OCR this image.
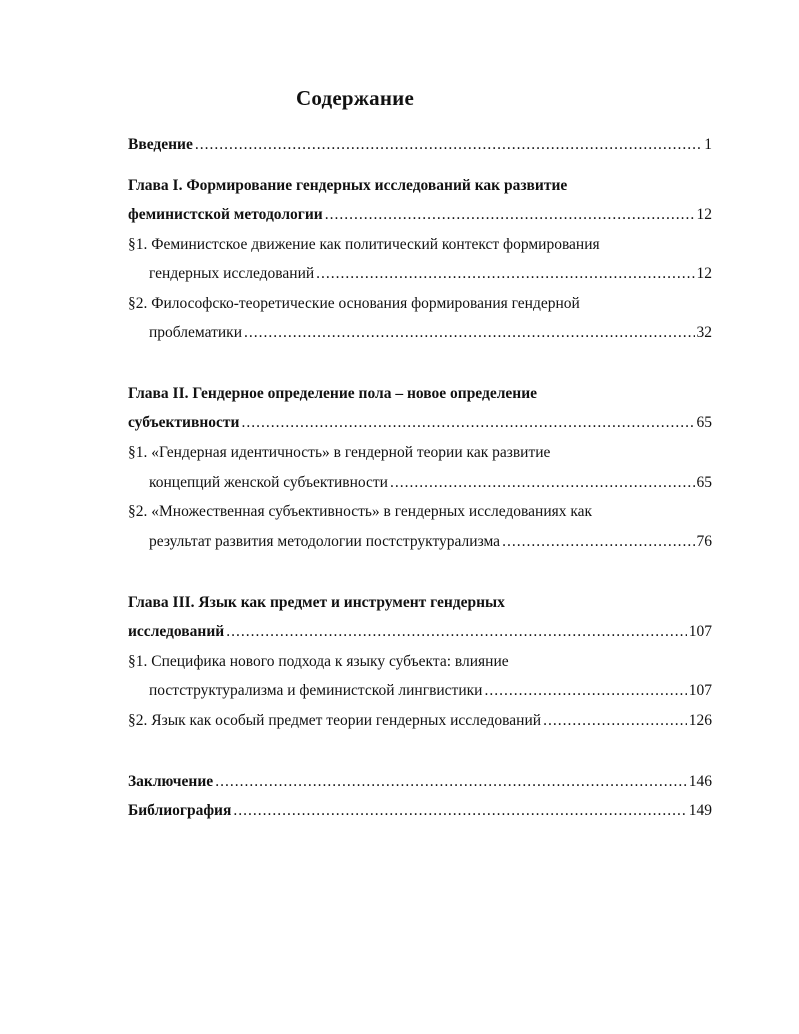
Содержание
Введение .....	1
Глава I. Формирование гендерных исследований как развитие
феминистской методологии .....	12
§1. Феминистское движение как политический контекст формирования
гендерных исследований .....	12
§2. Философско-теоретические основания формирования гендерной
проблематики .....	32
Глава II. Гендерное определение пола – новое определение
субъективности .....	65
§1. «Гендерная идентичность» в гендерной теории как развитие
концепций женской субъективности .....	65
§2. «Множественная субъективность» в гендерных исследованиях как
результат развития методологии постструктурализма .....	76
Глава III. Язык как предмет и инструмент гендерных
исследований .....	107
§1. Специфика нового подхода к языку субъекта: влияние
постструктурализма и феминистской лингвистики .....	107
§2. Язык как особый предмет теории гендерных исследований .....	126
Заключение .....	146
Библиография .....	149
